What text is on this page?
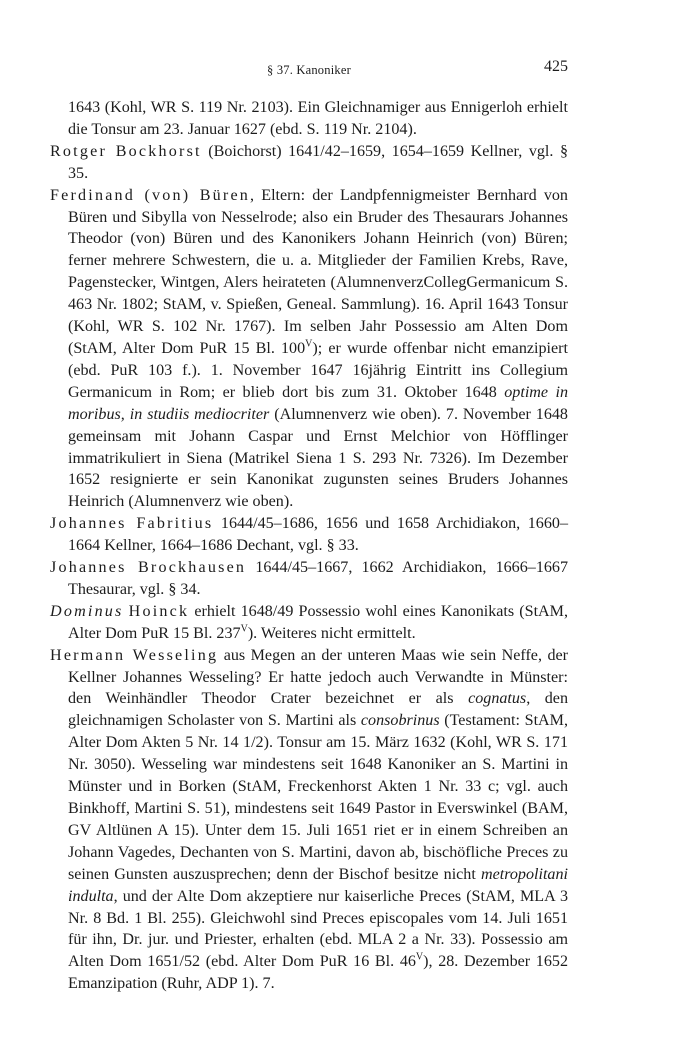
§ 37. Kanoniker	425

1643 (Kohl, WR S. 119 Nr. 2103). Ein Gleichnamiger aus Ennigerloh erhielt die Tonsur am 23. Januar 1627 (ebd. S. 119 Nr. 2104).

Rotger Bockhorst (Boichorst) 1641/42–1659, 1654–1659 Kellner, vgl. § 35.

Ferdinand (von) Büren, Eltern: der Landpfennigmeister Bernhard von Büren und Sibylla von Nesselrode; also ein Bruder des Thesaurars Johannes Theodor (von) Büren und des Kanonikers Johann Heinrich (von) Büren; ferner mehrere Schwestern, die u. a. Mitglieder der Familien Krebs, Rave, Pagenstecker, Wintgen, Alers heirateten (AlumnenverzCollegGermanicum S. 463 Nr. 1802; StAM, v. Spießen, Geneal. Sammlung). 16. April 1643 Tonsur (Kohl, WR S. 102 Nr. 1767). Im selben Jahr Possessio am Alten Dom (StAM, Alter Dom PuR 15 Bl. $100^V$); er wurde offenbar nicht emanzipiert (ebd. PuR 103 f.). 1. November 1647 16jährig Eintritt ins Collegium Germanicum in Rom; er blieb dort bis zum 31. Oktober 1648 optime in moribus, in studiis mediocriter (Alumnenverz wie oben). 7. November 1648 gemeinsam mit Johann Caspar und Ernst Melchior von Höfflinger immatrikuliert in Siena (Matrikel Siena 1 S. 293 Nr. 7326). Im Dezember 1652 resignierte er sein Kanonikat zugunsten seines Bruders Johannes Heinrich (Alumnenverz wie oben).

Johannes Fabritius 1644/45–1686, 1656 und 1658 Archidiakon, 1660–1664 Kellner, 1664–1686 Dechant, vgl. § 33.

Johannes Brockhausen 1644/45–1667, 1662 Archidiakon, 1666–1667 Thesaurar, vgl. § 34.

Dominus Hoinck erhielt 1648/49 Possessio wohl eines Kanonikats (StAM, Alter Dom PuR 15 Bl. $237^V$). Weiteres nicht ermittelt.

Hermann Wesseling aus Megen an der unteren Maas wie sein Neffe, der Kellner Johannes Wesseling? Er hatte jedoch auch Verwandte in Münster: den Weinhändler Theodor Crater bezeichnet er als cognatus, den gleichnamigen Scholaster von S. Martini als consobrinus (Testament: StAM, Alter Dom Akten 5 Nr. 14 1/2). Tonsur am 15. März 1632 (Kohl, WR S. 171 Nr. 3050). Wesseling war mindestens seit 1648 Kanoniker an S. Martini in Münster und in Borken (StAM, Freckenhorst Akten 1 Nr. 33 c; vgl. auch Binkhoff, Martini S. 51), mindestens seit 1649 Pastor in Everswinkel (BAM, GV Altlünen A 15). Unter dem 15. Juli 1651 riet er in einem Schreiben an Johann Vagedes, Dechanten von S. Martini, davon ab, bischöfliche Preces zu seinen Gunsten auszusprechen; denn der Bischof besitze nicht metropolitani indulta, und der Alte Dom akzeptiere nur kaiserliche Preces (StAM, MLA 3 Nr. 8 Bd. 1 Bl. 255). Gleichwohl sind Preces episcopales vom 14. Juli 1651 für ihn, Dr. jur. und Priester, erhalten (ebd. MLA 2 a Nr. 33). Possessio am Alten Dom 1651/52 (ebd. Alter Dom PuR 16 Bl. $46^V$), 28. Dezember 1652 Emanzipation (Ruhr, ADP 1). 7.
